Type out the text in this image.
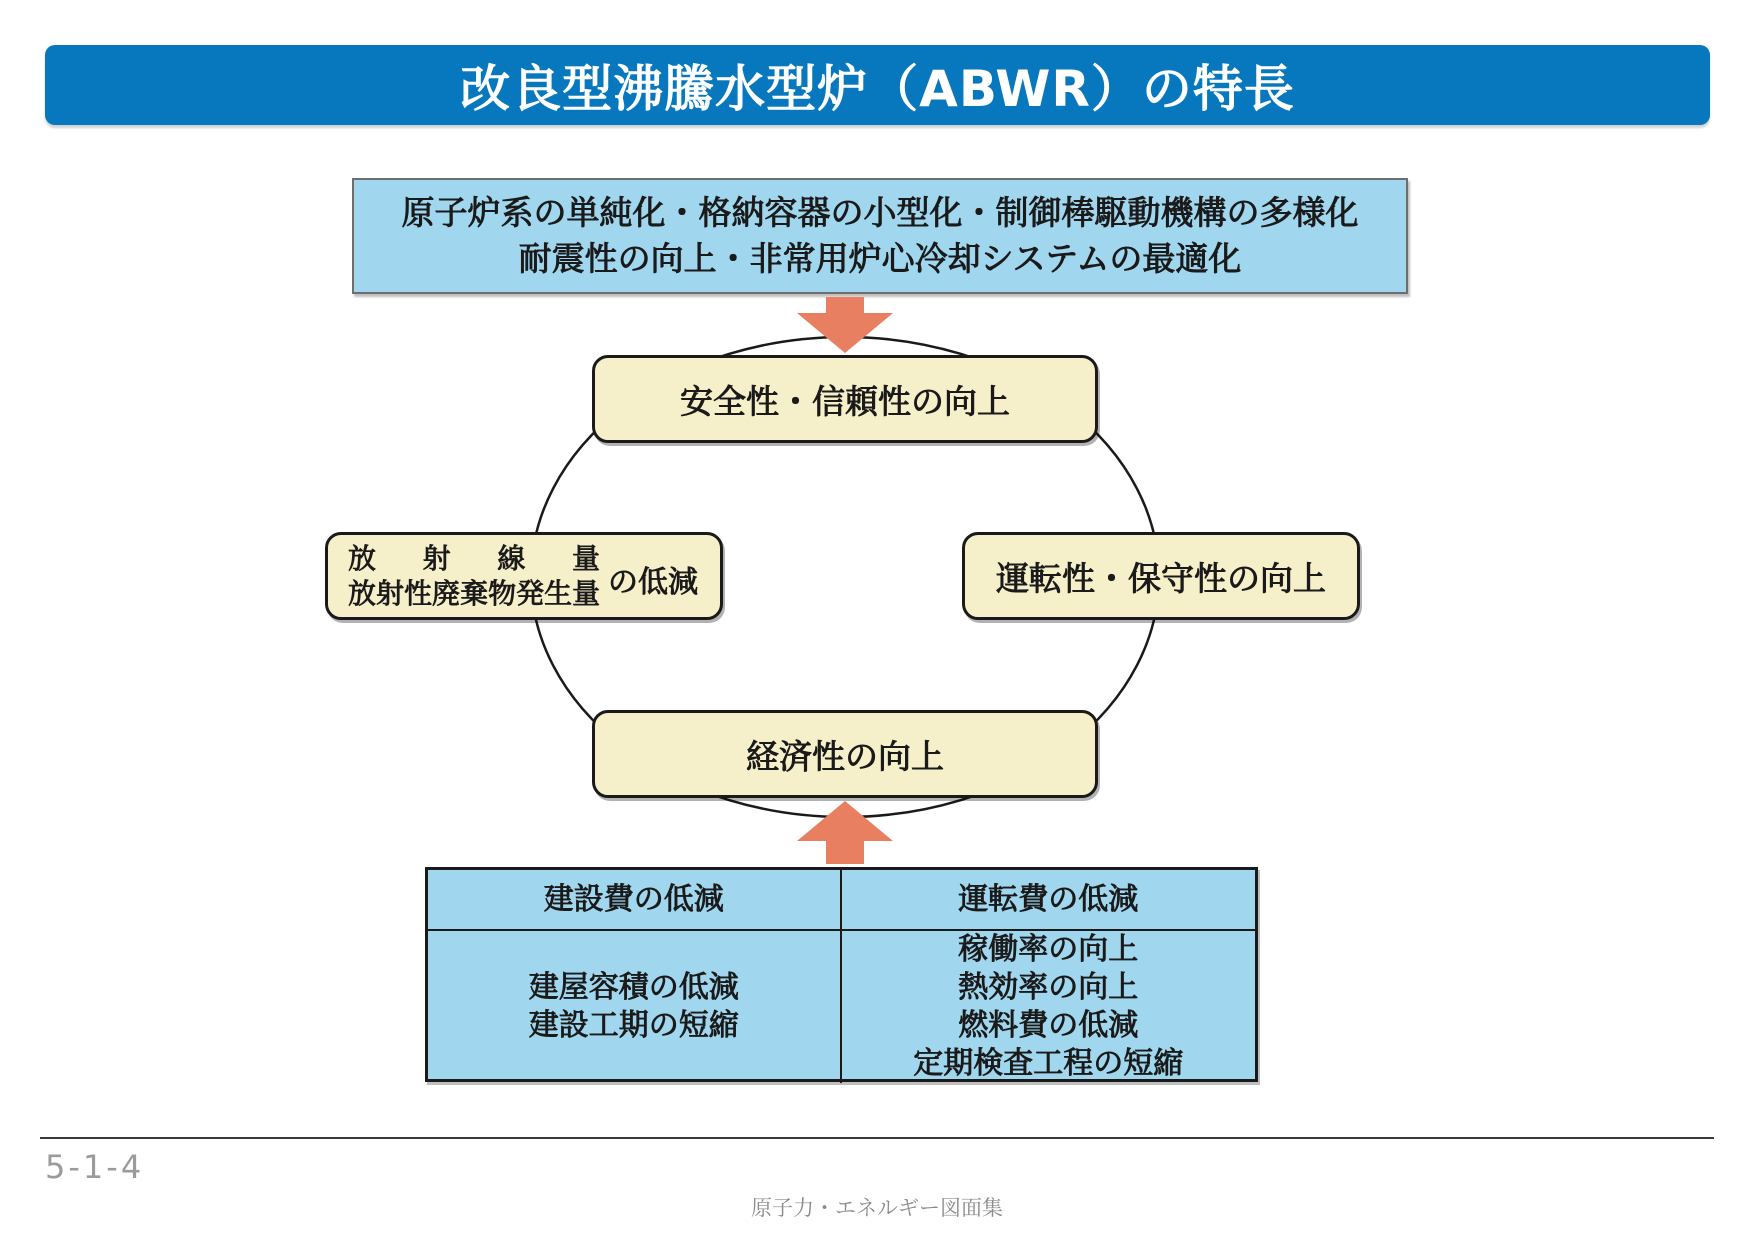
改良型沸騰水型炉（ABWR）の特長
原子炉系の単純化・格納容器の小型化・制御棒駆動機構の多様化
耐震性の向上・非常用炉心冷却システムの最適化
安全性・信頼性の向上
放 射 線 量
放 射 性 廃 棄 物 発 生 量 の低減	運転性・保守性の向上
経済性の向上
建設費の低減	運転費の低減
建屋容積の低減
建設工期の短縮
稼働率の向上
熱効率の向上
燃料費の低減
定期検査工程の短縮
5-1-4
原子力・エネルギー図面集
